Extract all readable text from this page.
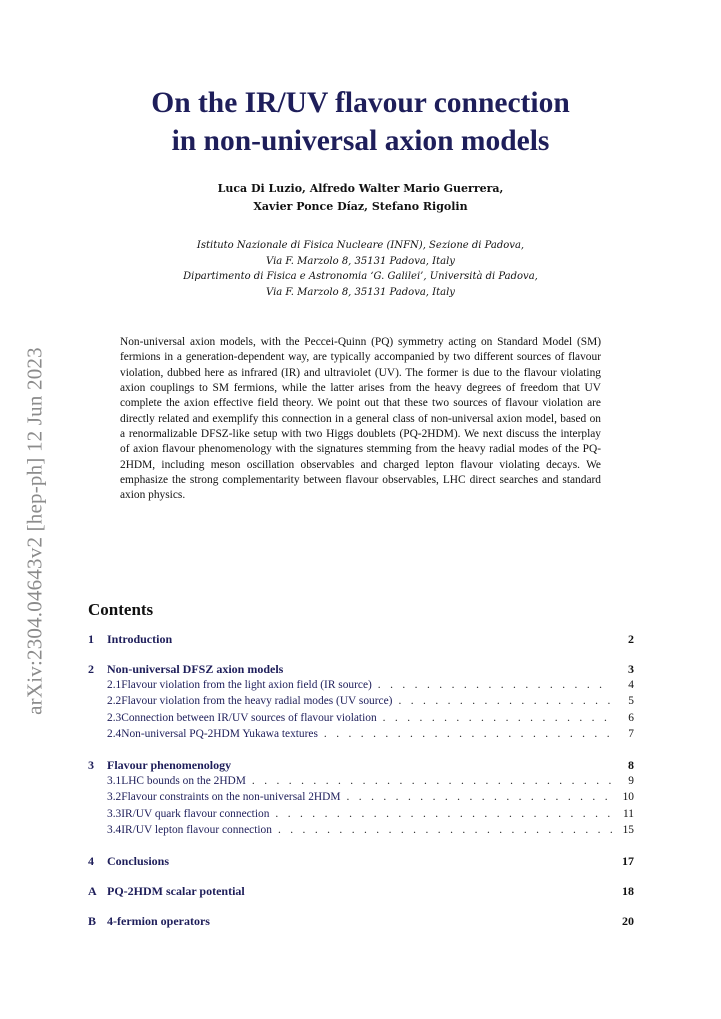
arXiv:2304.04643v2 [hep-ph] 12 Jun 2023
On the IR/UV flavour connection
in non-universal axion models
Luca Di Luzio, Alfredo Walter Mario Guerrera,
Xavier Ponce Díaz, Stefano Rigolin
Istituto Nazionale di Fisica Nucleare (INFN), Sezione di Padova,
Via F. Marzolo 8, 35131 Padova, Italy
Dipartimento di Fisica e Astronomia ‘G. Galilei’, Università di Padova,
Via F. Marzolo 8, 35131 Padova, Italy
Non-universal axion models, with the Peccei-Quinn (PQ) symmetry acting on Standard Model (SM) fermions in a generation-dependent way, are typically accompanied by two different sources of flavour violation, dubbed here as infrared (IR) and ultraviolet (UV). The former is due to the flavour violating axion couplings to SM fermions, while the latter arises from the heavy degrees of freedom that UV complete the axion effective field theory. We point out that these two sources of flavour violation are directly related and exemplify this connection in a general class of non-universal axion model, based on a renormalizable DFSZ-like setup with two Higgs doublets (PQ-2HDM). We next discuss the interplay of axion flavour phenomenology with the signatures stemming from the heavy radial modes of the PQ-2HDM, including meson oscillation observables and charged lepton flavour violating decays. We emphasize the strong complementarity between flavour observables, LHC direct searches and standard axion physics.
Contents
1	Introduction	2
2	Non-universal DFSZ axion models	3
2.1 Flavour violation from the light axion field (IR source) . . .	4
2.2 Flavour violation from the heavy radial modes (UV source) . . .	5
2.3 Connection between IR/UV sources of flavour violation . . .	6
2.4 Non-universal PQ-2HDM Yukawa textures . . .	7
3	Flavour phenomenology	8
3.1 LHC bounds on the 2HDM . . .	9
3.2 Flavour constraints on the non-universal 2HDM . . .	10
3.3 IR/UV quark flavour connection . . .	11
3.4 IR/UV lepton flavour connection . . .	15
4	Conclusions	17
A PQ-2HDM scalar potential	18
B 4-fermion operators	20
